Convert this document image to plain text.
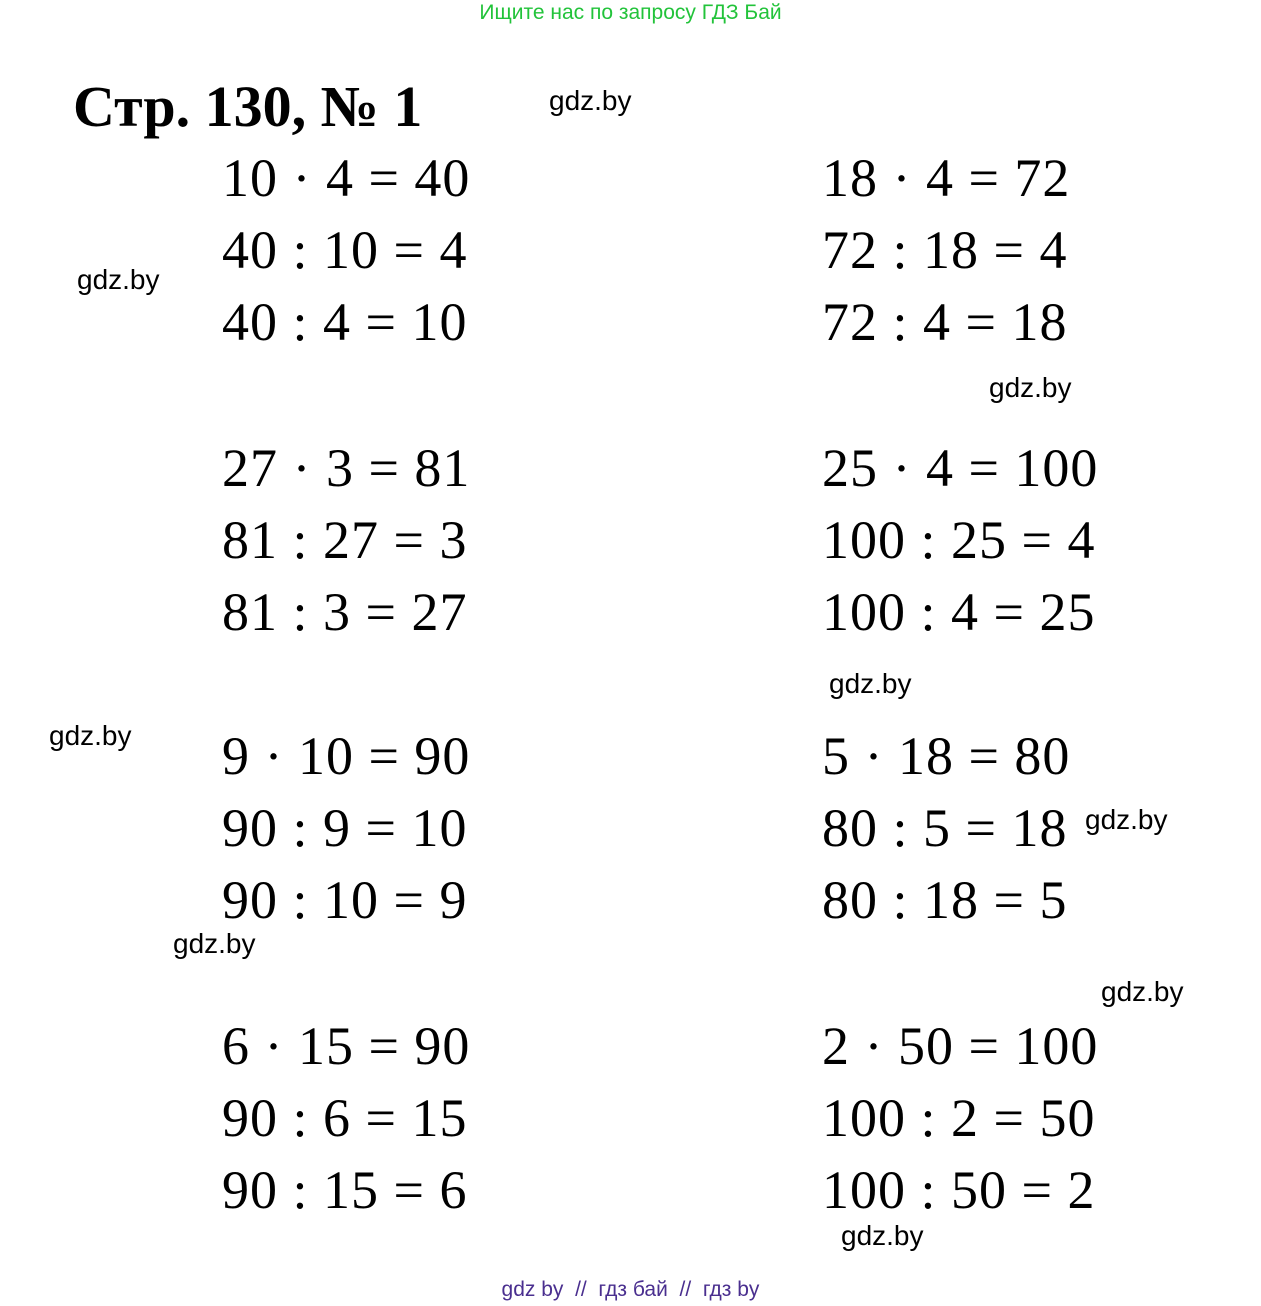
Ищите нас по запросу ГДЗ Бай
Стр. 130, № 1	gdz.by
gdz.by
gdz.by
gdz.by
gdz.by
gdz.by
gdz.by
gdz.by
gdz.by
10 · 4 = 40
40 : 10 = 4
40 : 4 = 10
18 · 4 = 72
72 : 18 = 4
72 : 4 = 18
27 · 3 = 81
81 : 27 = 3
81 : 3 = 27
25 · 4 = 100
100 : 25 = 4
100 : 4 = 25
9 · 10 = 90
90 : 9 = 10
90 : 10 = 9
5 · 18 = 80
80 : 5 = 18
80 : 18 = 5
6 · 15 = 90
90 : 6 = 15
90 : 15 = 6
2 · 50 = 100
100 : 2 = 50
100 : 50 = 2
gdz by  //  гдз бай  //  гдз by
